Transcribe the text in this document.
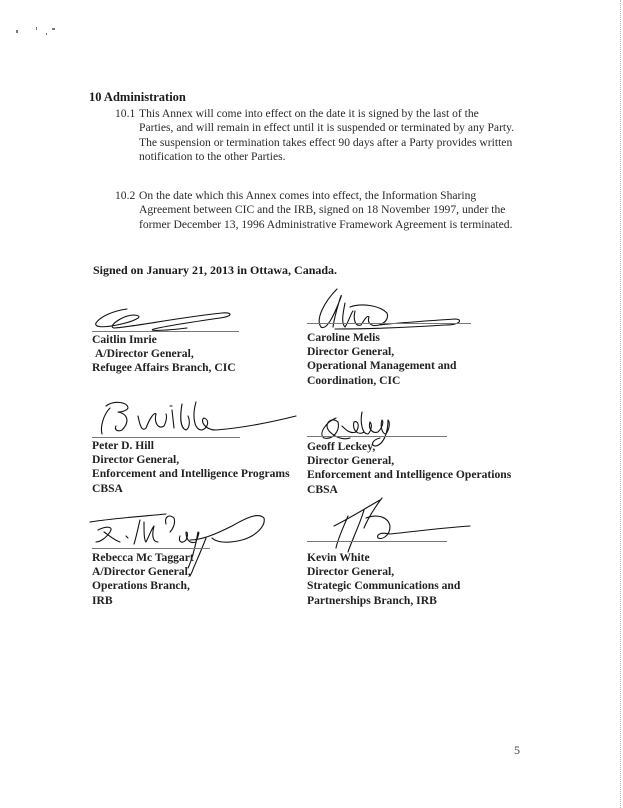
10 Administration
10.1 This Annex will come into effect on the date it is signed by the last of the Parties, and will remain in effect until it is suspended or terminated by any Party. The suspension or termination takes effect 90 days after a Party provides written notification to the other Parties.
10.2 On the date which this Annex comes into effect, the Information Sharing Agreement between CIC and the IRB, signed on 18 November 1997, under the former December 13, 1996 Administrative Framework Agreement is terminated.
Signed on January 21, 2013 in Ottawa, Canada.
Caitlin Imrie
A/Director General,
Refugee Affairs Branch, CIC
Caroline Melis
Director General,
Operational Management and
Coordination, CIC
Peter D. Hill
Director General,
Enforcement and Intelligence Programs
CBSA
Geoff Leckey,
Director General,
Enforcement and Intelligence Operations
CBSA
Rebecca Mc Taggart
A/Director General,
Operations Branch,
IRB
Kevin White
Director General,
Strategic Communications and
Partnerships Branch, IRB
5
